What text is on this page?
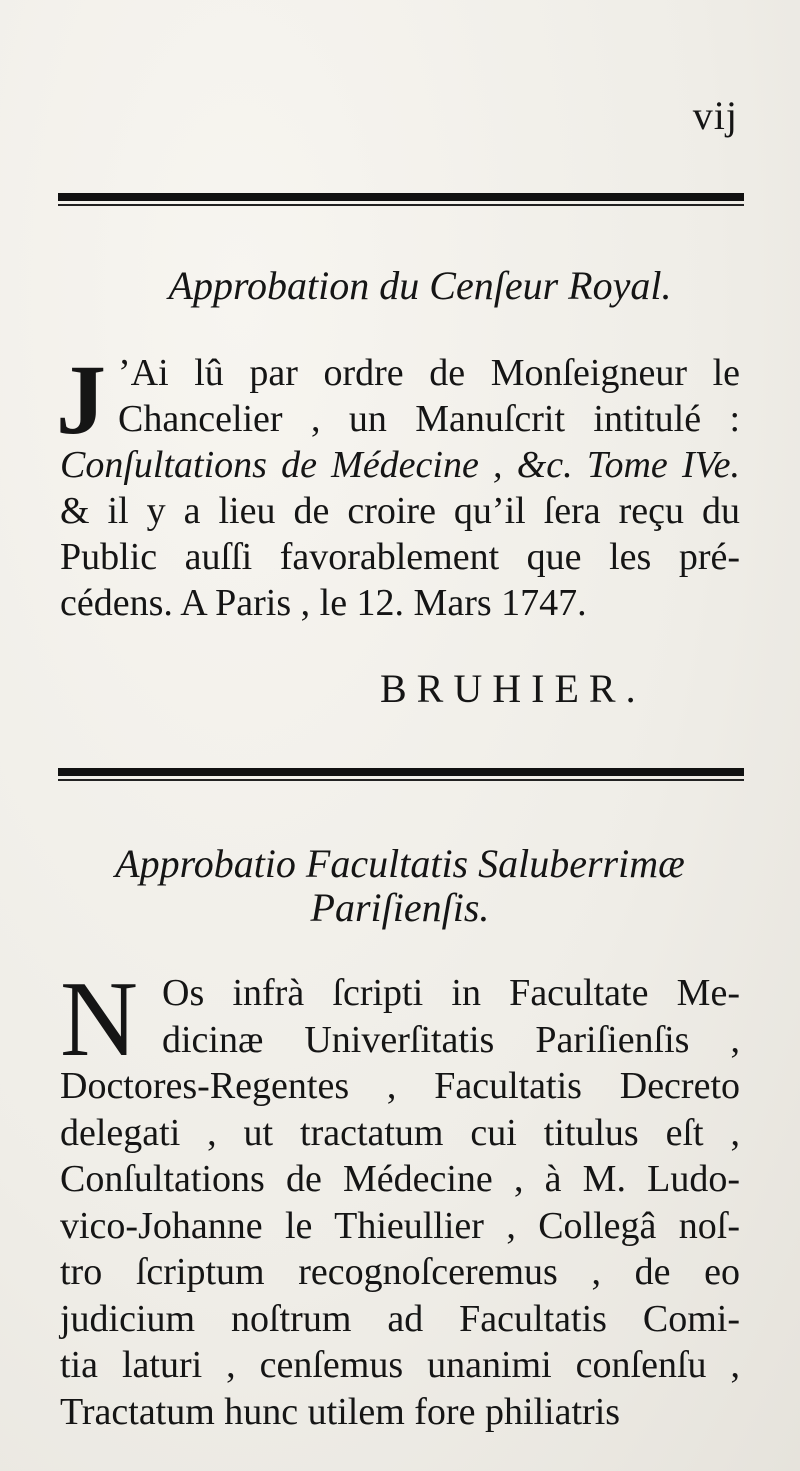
vij
Approbation du Cenſeur Royal.
J ’Ai lû par ordre de Monſeigneur le
Chancelier , un Manuſcrit intitulé :
Conſultations de Médecine , &c. Tome IVe.
& il y a lieu de croire qu’il ſera reçu du
Public auſſi favorablement que les pré-
cédens. A Paris , le 12. Mars 1747.
BRUHIER.
Approbatio Facultatis Saluberrimæ
Pariſienſis.
N Os infrà ſcripti in Facultate Me-
dicinæ Univerſitatis Pariſienſis ,
Doctores-Regentes , Facultatis Decreto
delegati , ut tractatum cui titulus eſt ,
Conſultations de Médecine , à M. Ludo-
vico-Johanne le Thieullier , Collegâ noſ-
tro ſcriptum recognoſceremus , de eo
judicium noſtrum ad Facultatis Comi-
tia laturi , cenſemus unanimi conſenſu ,
Tractatum hunc utilem fore philiatris
